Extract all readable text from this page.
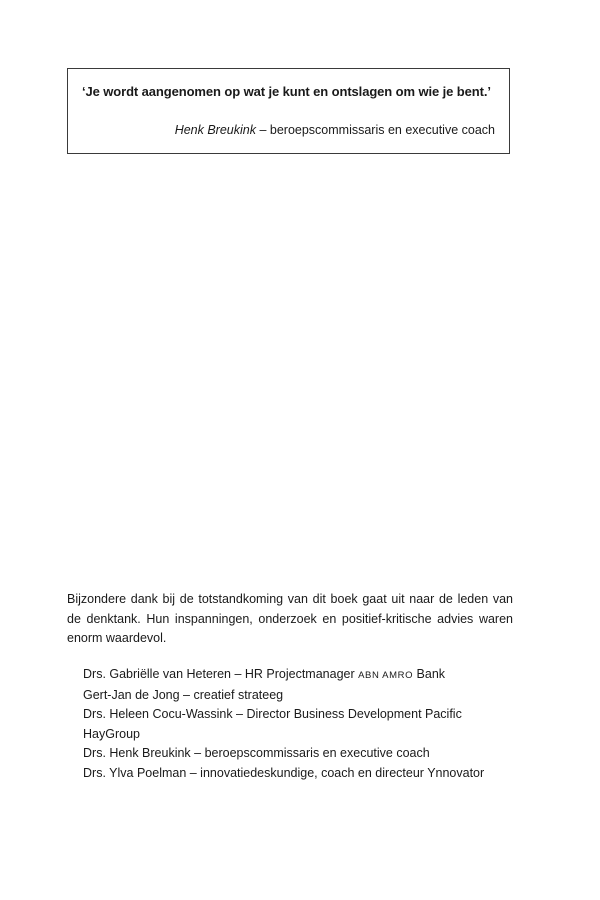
‘Je wordt aangenomen op wat je kunt en ontslagen om wie je bent.’
Henk Breukink – beroepscommissaris en executive coach
Bijzondere dank bij de totstandkoming van dit boek gaat uit naar de leden van de denktank. Hun inspanningen, onderzoek en positief-kritische advies waren enorm waardevol.
Drs. Gabriëlle van Heteren – HR Projectmanager ABN AMRO Bank
Gert-Jan de Jong – creatief strateeg
Drs. Heleen Cocu-Wassink – Director Business Development Pacific
HayGroup
Drs. Henk Breukink – beroepscommissaris en executive coach
Drs. Ylva Poelman – innovatiedeskundige, coach en directeur Ynnovator
